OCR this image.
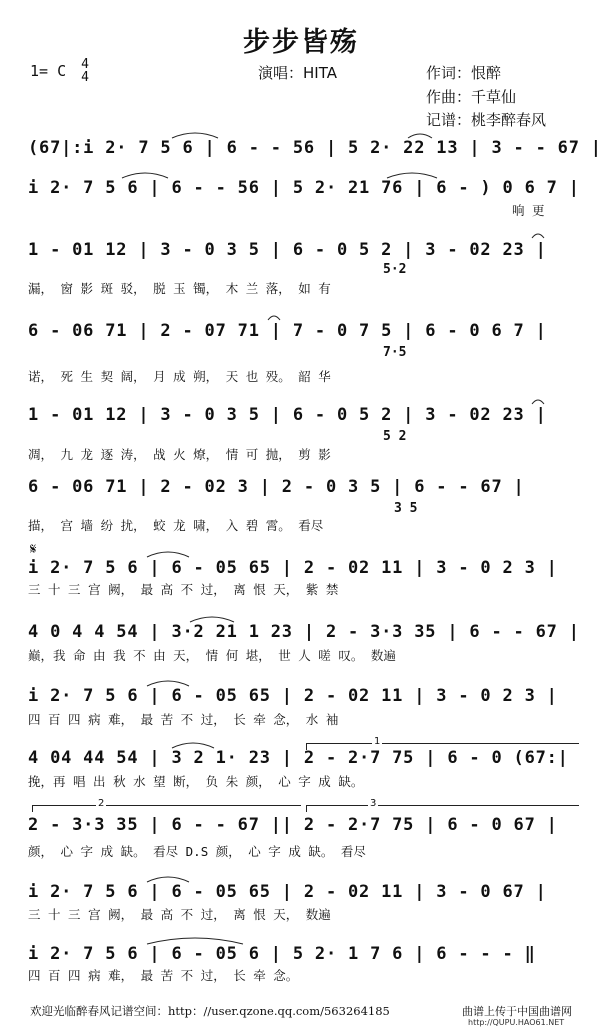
步步皆殇
1= C 4
4	演唱：HITA	作词：恨醉
作曲：千草仙
记谱：桃李醉春风
(67|:i 2· 7 5 6 | 6 - - 56 | 5 2· 22 13 | 3 - - 67 |
i 2· 7 5 6 | 6 - - 56 | 5 2· 21 76 | 6 - ) 0 6 7 |
响 更
1 - 01 12 | 3 - 0 3 5 | 6 - 0 5 2 | 3 - 02 23 |
5·2
漏， 窗 影 斑 驳， 脱 玉 镯， 木 兰 落， 如 有
6 - 06 71 | 2 - 07 71 | 7 - 0 7 5 | 6 - 0 6 7 |
7·5
诺， 死 生 契 阔， 月 成 朔， 天 也 殁。 韶 华
1 - 01 12 | 3 - 0 3 5 | 6 - 0 5 2 | 3 - 02 23 |
5 2
凋， 九 龙 逐 涛， 战 火 燎， 情 可 抛， 剪 影
6 - 06 71 | 2 - 02 3 | 2 - 0 3 5 | 6 - - 67 |
3 5
描， 宫 墙 纷 扰， 蛟 龙 啸， 入 碧 霄。 看尽
𝄋
i 2· 7 5 6 | 6 - 05 65 | 2 - 02 11 | 3 - 0 2 3 |
三 十 三 宫 阙， 最 高 不 过， 离 恨 天， 紫 禁
4 0 4 4 54 | 3·2 21 1 23 | 2 - 3·3 35 | 6 - - 67 |
巅，我 命 由 我 不 由 天， 情 何 堪， 世 人 嗟 叹。 数遍
i 2· 7 5 6 | 6 - 05 65 | 2 - 02 11 | 3 - 0 2 3 |
四 百 四 病 难， 最 苦 不 过， 长 牵 念， 水 袖
1
4 04 44 54 | 3 2 1· 23 | 2 - 2·7 75 | 6 - 0 (67:|
挽，再 唱 出 秋 水 望 断， 负 朱 颜， 心 字 成 缺。
2	3
2 - 3·3 35 | 6 - - 67 || 2 - 2·7 75 | 6 - 0 67 |
颜， 心 字 成 缺。 看尽 D.S 颜， 心 字 成 缺。 看尽
i 2· 7 5 6 | 6 - 05 65 | 2 - 02 11 | 3 - 0 67 |
三 十 三 宫 阙， 最 高 不 过， 离 恨 天， 数遍
i 2· 7 5 6 | 6 - 05 6 | 5 2· 1 7 6 | 6 - - - ‖
四 百 四 病 难， 最 苦 不 过， 长 牵 念。
欢迎光临醉春风记谱空间：http：//user.qzone.qq.com/563264185	曲谱上传于中国曲谱网
http://QUPU.HAO61.NET
